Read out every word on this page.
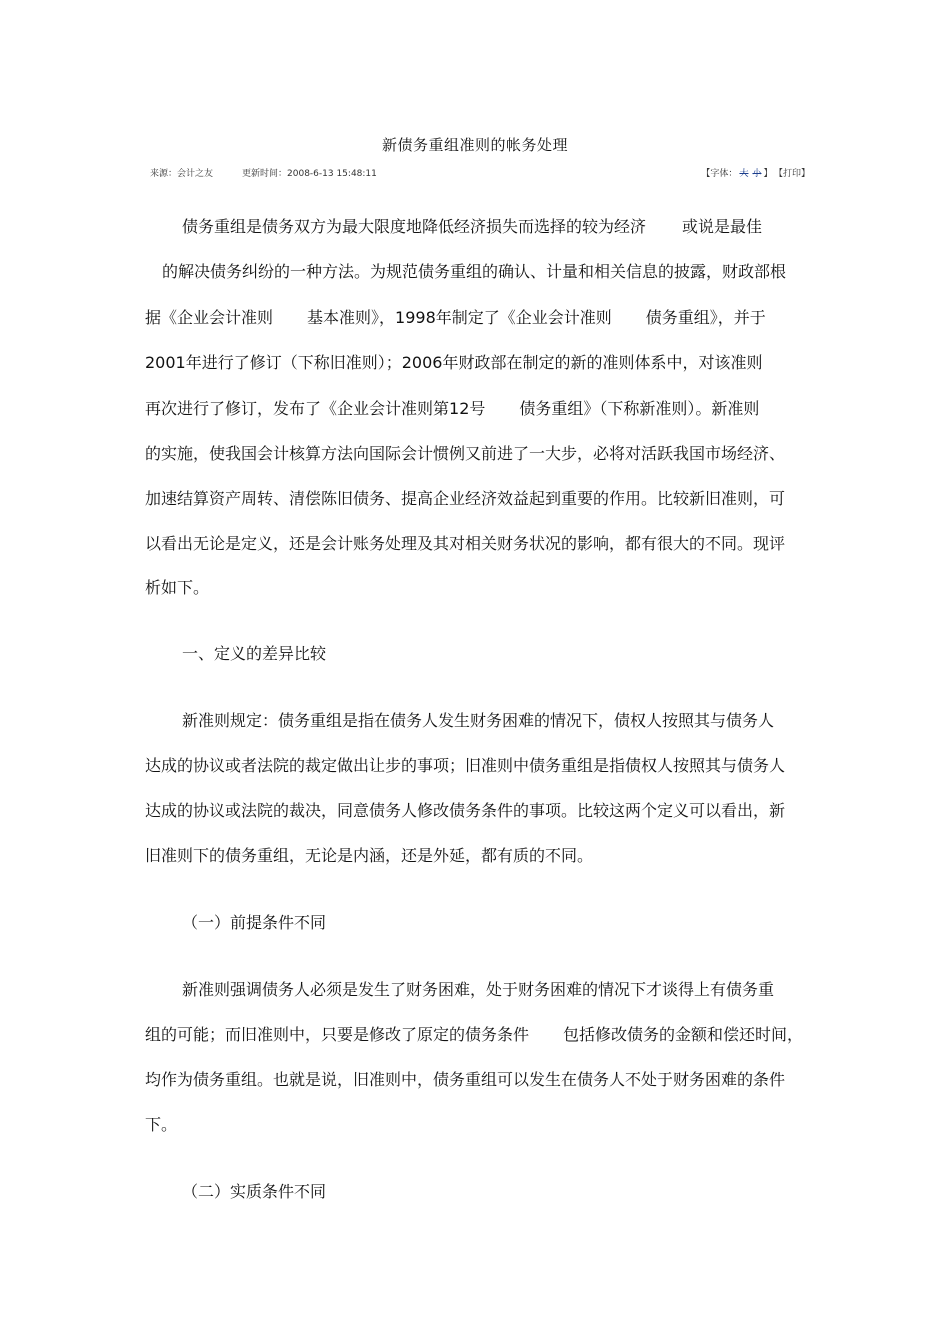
新债务重组准则的帐务处理
来源：会计之友	更新时间：2008-6-13 15:48:11	【字体： 大 小 】 【打印】
债务重组是债务双方为最大限度地降低经济损失而选择的较为经济 或说是最佳
的解决债务纠纷的一种方法。为规范债务重组的确认、计量和相关信息的披露，财政部根
据《企业会计准则 基本准则》，1998年制定了《企业会计准则 债务重组》，并于
2001年进行了修订（下称旧准则）；2006年财政部在制定的新的准则体系中，对该准则
再次进行了修订，发布了《企业会计准则第12号 债务重组》（下称新准则）。新准则
的实施，使我国会计核算方法向国际会计惯例又前进了一大步，必将对活跃我国市场经济、
加速结算资产周转、清偿陈旧债务、提高企业经济效益起到重要的作用。比较新旧准则，可
以看出无论是定义，还是会计账务处理及其对相关财务状况的影响，都有很大的不同。现评
析如下。
一、定义的差异比较
新准则规定：债务重组是指在债务人发生财务困难的情况下，债权人按照其与债务人
达成的协议或者法院的裁定做出让步的事项；旧准则中债务重组是指债权人按照其与债务人
达成的协议或法院的裁决，同意债务人修改债务条件的事项。比较这两个定义可以看出，新
旧准则下的债务重组，无论是内涵，还是外延，都有质的不同。
（一）前提条件不同
新准则强调债务人必须是发生了财务困难，处于财务困难的情况下才谈得上有债务重
组的可能；而旧准则中，只要是修改了原定的债务条件 包括修改债务的金额和偿还时间，
均作为债务重组。也就是说，旧准则中，债务重组可以发生在债务人不处于财务困难的条件
下。
（二）实质条件不同
